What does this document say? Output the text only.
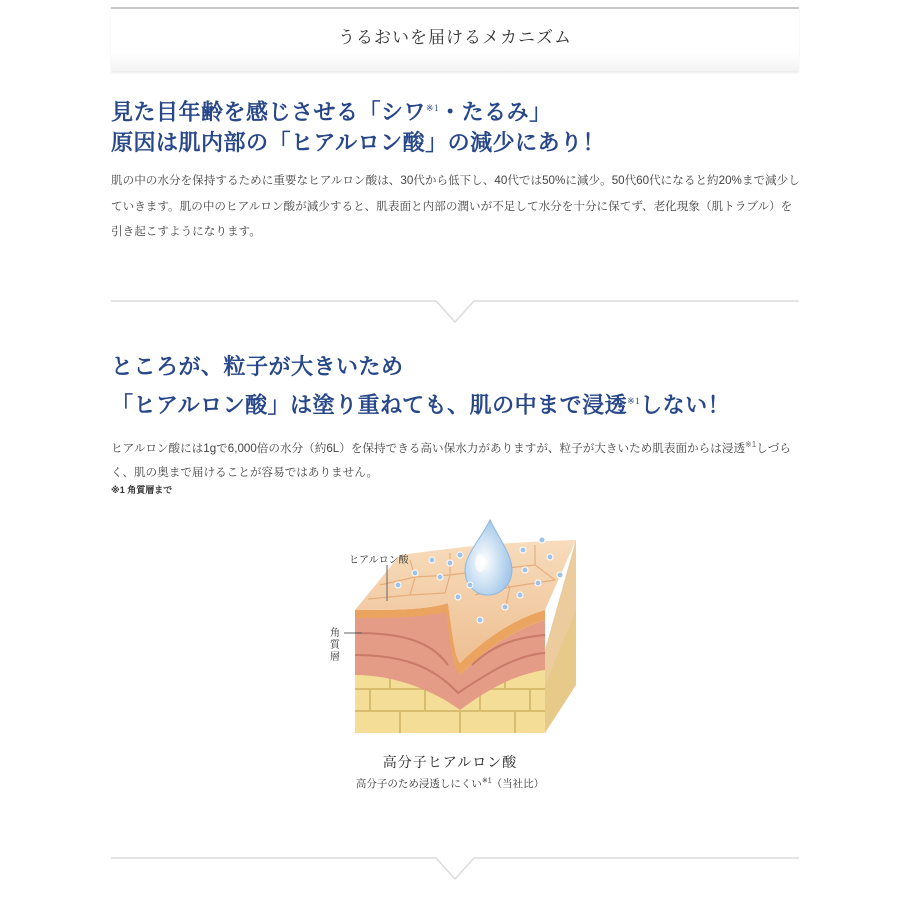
うるおいを届けるメカニズム
見た目年齢を感じさせる「シワ$^{※1}$・たるみ」
原因は肌内部の「ヒアルロン酸」の減少にあり！
肌の中の水分を保持するために重要なヒアルロン酸は、30代から低下し、40代では50%に減少。50代60代になると約20%まで減少していきます。肌の中のヒアルロン酸が減少すると、肌表面と内部の潤いが不足して水分を十分に保てず、老化現象（肌トラブル）を引き起こすようになります。
ところが、粒子が大きいため
「ヒアルロン酸」は塗り重ねても、肌の中まで浸透$^{※1}$しない！
ヒアルロン酸には1gで6,000倍の水分（約6L）を保持できる高い保水力がありますが、粒子が大きいため肌表面からは浸透$^{※1}$しづらく、肌の奥まで届けることが容易ではありません。
※1 角質層まで
ヒアルロン酸
角質層
高分子ヒアルロン酸
高分子のため浸透しにくい$^{※1}$（当社比）
